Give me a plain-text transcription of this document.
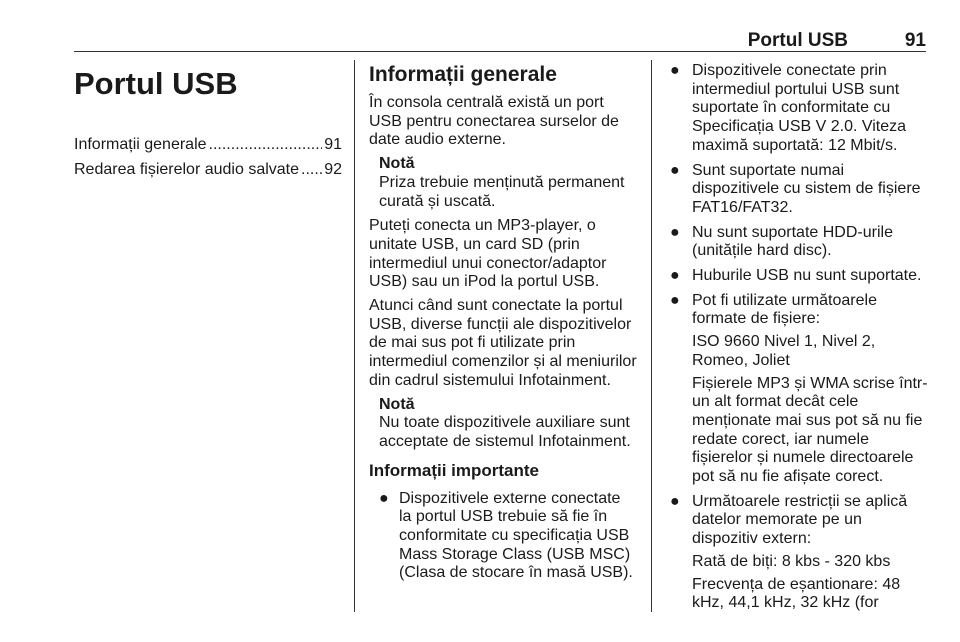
Portul USB	91
Portul USB
Informații generale .....	91
Redarea fișierelor audio salvate ..... 92
Informații generale

În consola centrală există un port USB pentru conectarea surselor de date audio externe.

Notă
Priza trebuie menținută permanent curată și uscată.

Puteți conecta un MP3-player, o unitate USB, un card SD (prin intermediul unui conector/adaptor USB) sau un iPod la portul USB.

Atunci când sunt conectate la portul USB, diverse funcții ale dispozitivelor de mai sus pot fi utilizate prin intermediul comenzilor și al meniurilor din cadrul sistemului Infotainment.

Notă
Nu toate dispozitivele auxiliare sunt acceptate de sistemul Infotainment.
Informații importante
● Dispozitivele externe conectate la portul USB trebuie să fie în conformitate cu specificația USB Mass Storage Class (USB MSC) (Clasa de stocare în masă USB).
● Dispozitivele conectate prin intermediul portului USB sunt suportate în conformitate cu Specificația USB V 2.0. Viteza maximă suportată: 12 Mbit/s.
● Sunt suportate numai dispozitivele cu sistem de fișiere FAT16/FAT32.
● Nu sunt suportate HDD-urile (unitățile hard disc).
● Huburile USB nu sunt suportate.
● Pot fi utilizate următoarele formate de fișiere:
ISO 9660 Nivel 1, Nivel 2, Romeo, Joliet
Fișierele MP3 și WMA scrise într-un alt format decât cele menționate mai sus pot să nu fie redate corect, iar numele fișierelor și numele directoarele pot să nu fie afișate corect.
● Următoarele restricții se aplică datelor memorate pe un dispozitiv extern:
Rată de biți: 8 kbs - 320 kbs
Frecvența de eșantionare: 48 kHz, 44,1 kHz, 32 kHz (for
